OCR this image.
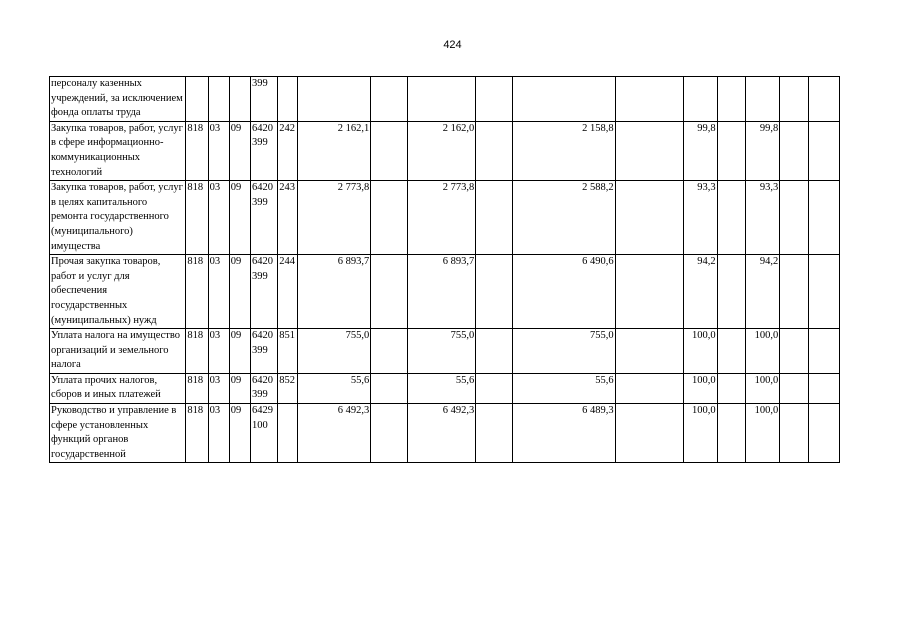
424
персоналу казенных учреждений, за исключением фонда оплаты труда				399												
Закупка товаров, работ, услуг в сфере информационно-коммуникационных технологий	818	03	09	6420 399	242	2 162,1		2 162,0		2 158,8		99,8		99,8		
Закупка товаров, работ, услуг в целях капитального ремонта государственного (муниципального) имущества	818	03	09	6420 399	243	2 773,8		2 773,8		2 588,2		93,3		93,3		
Прочая закупка товаров, работ и услуг для обеспечения государственных (муниципальных) нужд	818	03	09	6420 399	244	6 893,7		6 893,7		6 490,6		94,2		94,2		
Уплата налога на имущество организаций и земельного налога	818	03	09	6420 399	851	755,0		755,0		755,0		100,0		100,0		
Уплата прочих налогов, сборов и иных платежей	818	03	09	6420 399	852	55,6		55,6		55,6		100,0		100,0		
Руководство и управление в сфере установленных функций органов государственной	818	03	09	6429 100		6 492,3		6 492,3		6 489,3		100,0		100,0		
